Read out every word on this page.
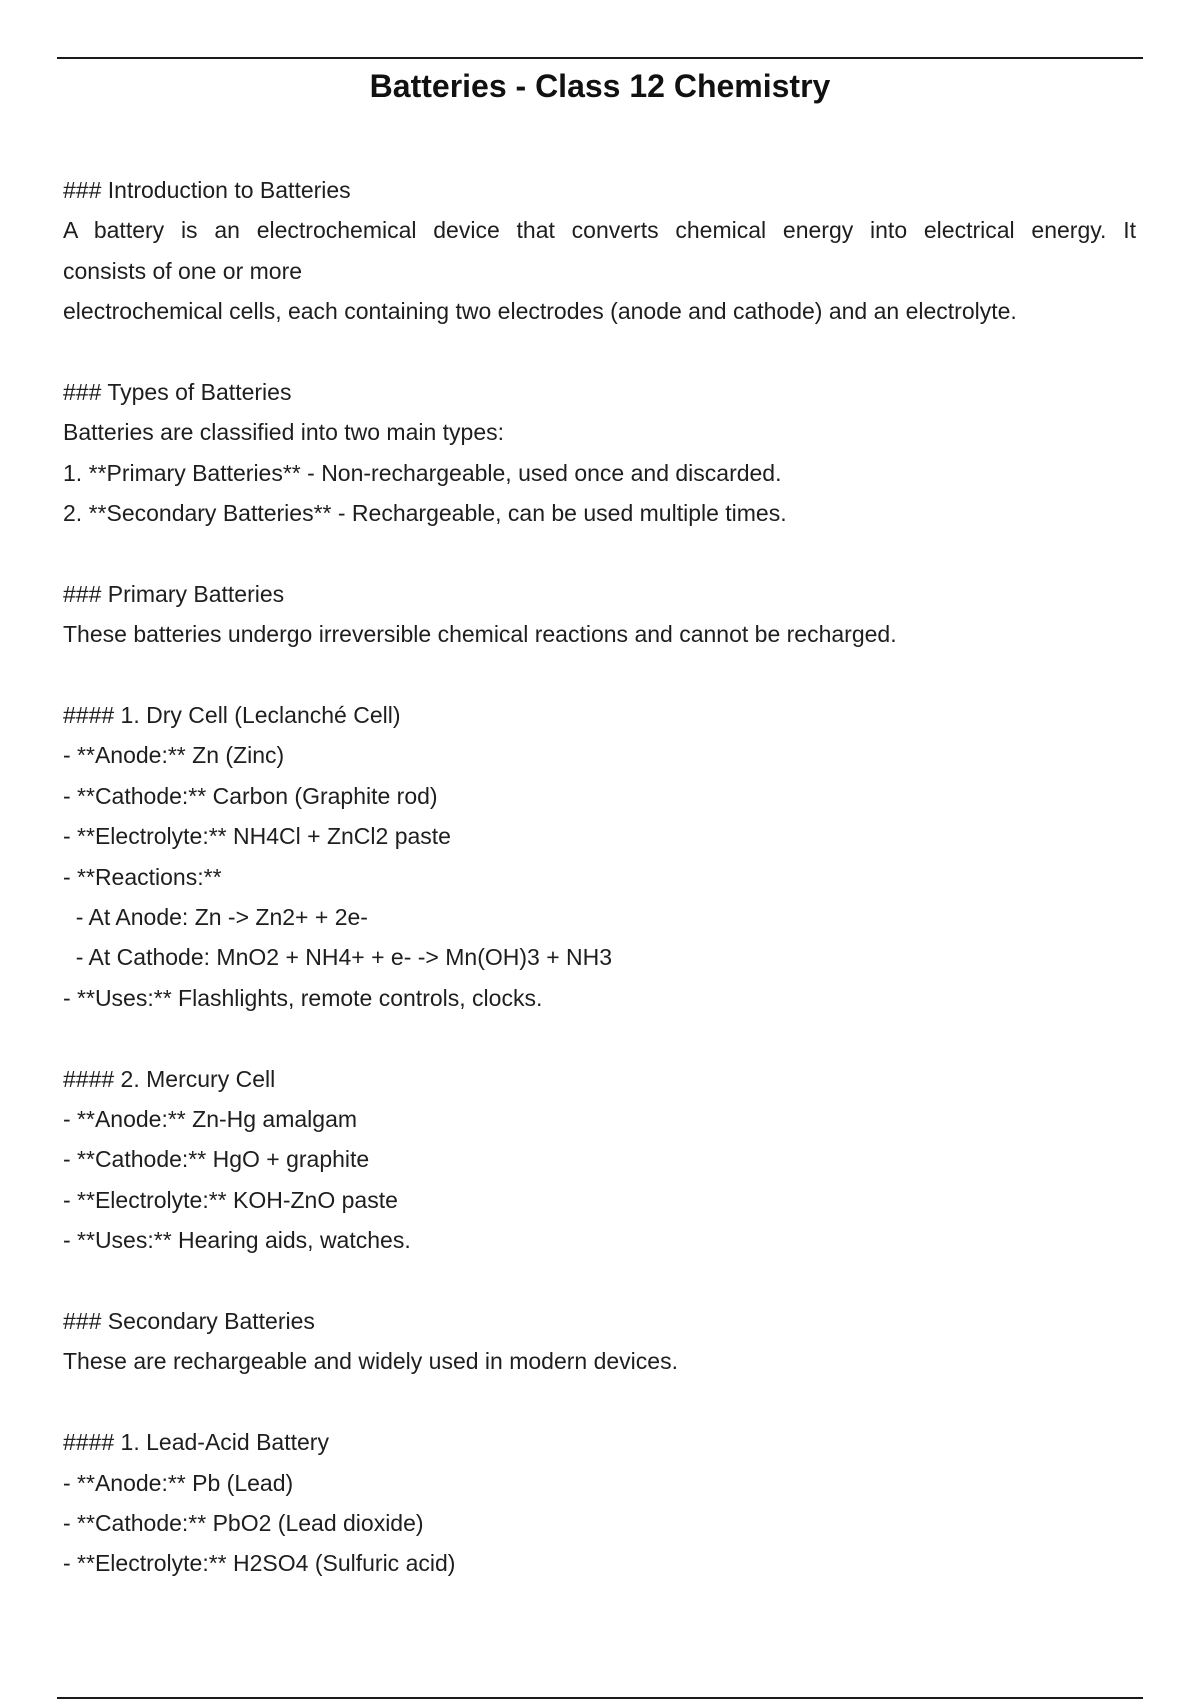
Batteries - Class 12 Chemistry
### Introduction to Batteries
A battery is an electrochemical device that converts chemical energy into electrical energy. It
consists of one or more
electrochemical cells, each containing two electrodes (anode and cathode) and an electrolyte.
### Types of Batteries
Batteries are classified into two main types:
1. **Primary Batteries** - Non-rechargeable, used once and discarded.
2. **Secondary Batteries** - Rechargeable, can be used multiple times.
### Primary Batteries
These batteries undergo irreversible chemical reactions and cannot be recharged.
#### 1. Dry Cell (Leclanché Cell)
- **Anode:** Zn (Zinc)
- **Cathode:** Carbon (Graphite rod)
- **Electrolyte:** NH4Cl + ZnCl2 paste
- **Reactions:**
- At Anode: Zn -> Zn2+ + 2e-
- At Cathode: MnO2 + NH4+ + e- -> Mn(OH)3 + NH3
- **Uses:** Flashlights, remote controls, clocks.
#### 2. Mercury Cell
- **Anode:** Zn-Hg amalgam
- **Cathode:** HgO + graphite
- **Electrolyte:** KOH-ZnO paste
- **Uses:** Hearing aids, watches.
### Secondary Batteries
These are rechargeable and widely used in modern devices.
#### 1. Lead-Acid Battery
- **Anode:** Pb (Lead)
- **Cathode:** PbO2 (Lead dioxide)
- **Electrolyte:** H2SO4 (Sulfuric acid)
